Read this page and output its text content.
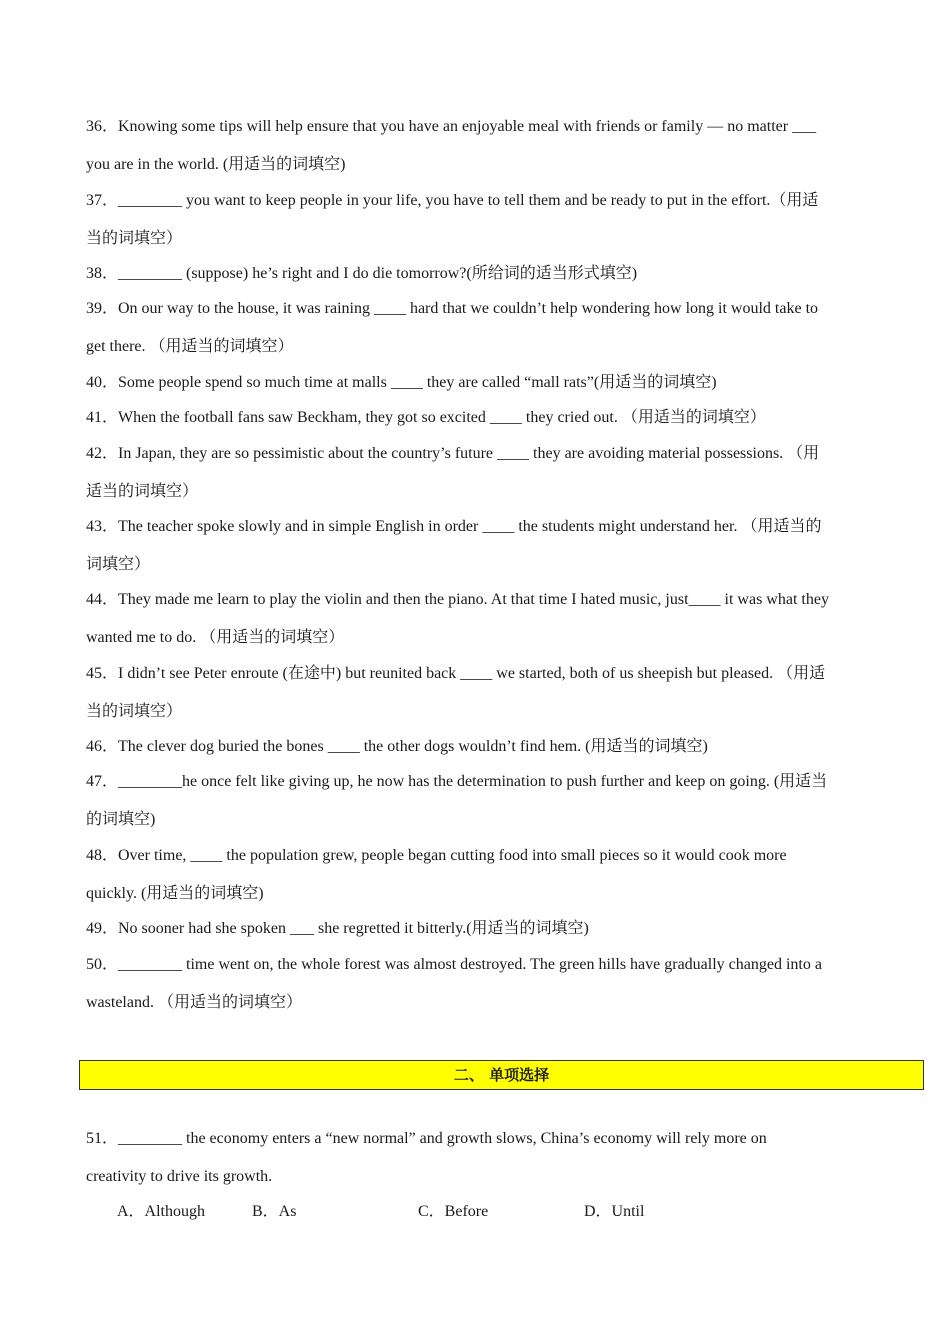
36．Knowing some tips will help ensure that you have an enjoyable meal with friends or family — no matter ___
you are in the world. (用适当的词填空)
37．________ you want to keep people in your life, you have to tell them and be ready to put in the effort.（用适
当的词填空）
38．________ (suppose) he’s right and I do die tomorrow?(所给词的适当形式填空)
39．On our way to the house, it was raining ____ hard that we couldn’t help wondering how long it would take to
get there. （用适当的词填空）
40．Some people spend so much time at malls ____ they are called “mall rats”(用适当的词填空)
41．When the football fans saw Beckham, they got so excited ____ they cried out. （用适当的词填空）
42．In Japan, they are so pessimistic about the country’s future ____ they are avoiding material possessions. （用
适当的词填空）
43．The teacher spoke slowly and in simple English in order ____ the students might understand her. （用适当的
词填空）
44．They made me learn to play the violin and then the piano. At that time I hated music, just____ it was what they
wanted me to do. （用适当的词填空）
45．I didn’t see Peter enroute (在途中) but reunited back ____ we started, both of us sheepish but pleased. （用适
当的词填空）
46．The clever dog buried the bones ____ the other dogs wouldn’t find hem. (用适当的词填空)
47．________he once felt like giving up, he now has the determination to push further and keep on going. (用适当
的词填空)
48．Over time, ____ the population grew, people began cutting food into small pieces so it would cook more
quickly. (用适当的词填空)
49．No sooner had she spoken ___ she regretted it bitterly.(用适当的词填空)
50．________ time went on, the whole forest was almost destroyed. The green hills have gradually changed into a
wasteland. （用适当的词填空）
二、 单项选择
51．________ the economy enters a “new normal” and growth slows, China’s economy will rely more on
creativity to drive its growth.
A．Although	B．As	C．Before	D．Until
